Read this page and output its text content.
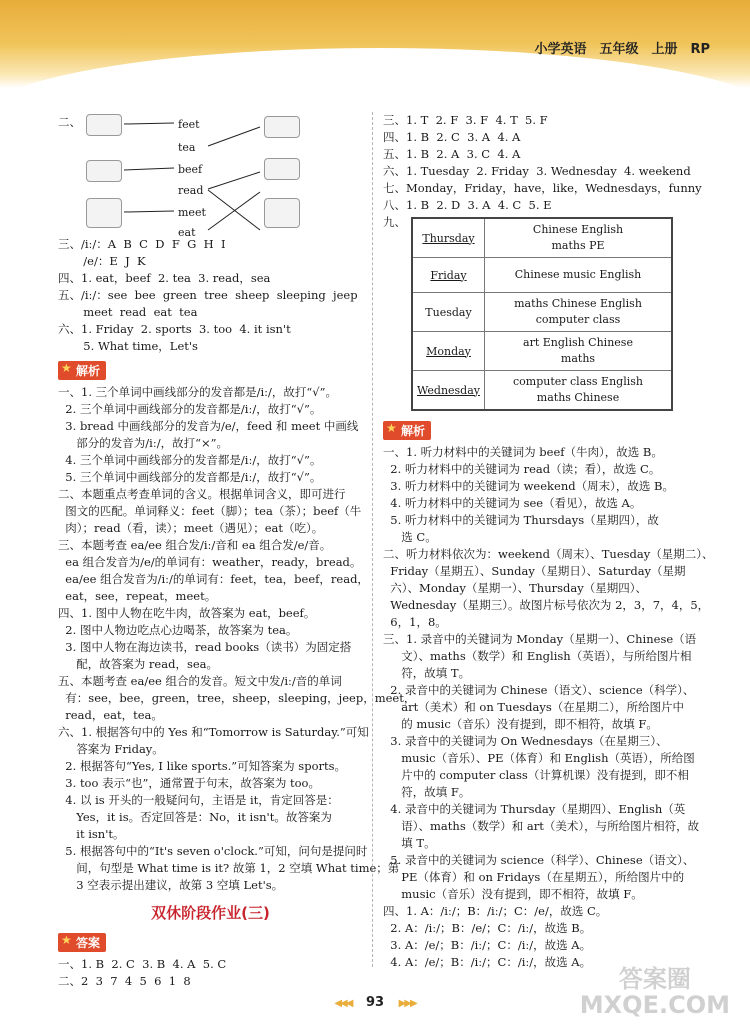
小学英语　五年级　上册　RP
二、	feet
tea
beef
read
meet
eat
三、/iː/：A  B  C  D  F  G  H  I
/e/：E  J  K
四、1. eat，beef  2. tea  3. read，sea
五、/iː/：see  bee  green  tree  sheep  sleeping  jeep
meet  read  eat  tea
六、1. Friday  2. sports  3. too  4. it isn't
5. What time，Let's
★ 解析
一、1. 三个单词中画线部分的发音都是/iː/，故打“√”。
2. 三个单词中画线部分的发音都是/iː/，故打“√”。
3. bread 中画线部分的发音为/e/，feed 和 meet 中画线
部分的发音为/iː/，故打“×”。
4. 三个单词中画线部分的发音都是/iː/，故打“√”。
5. 三个单词中画线部分的发音都是/iː/，故打“√”。
二、本题重点考查单词的含义。根据单词含义，即可进行
图文的匹配。单词释义：feet（脚）；tea（茶）；beef（牛
肉）；read（看，读）；meet（遇见）；eat（吃）。
三、本题考查 ea/ee 组合发/iː/音和 ea 组合发/e/音。
ea 组合发音为/e/的单词有：weather，ready，bread。
ea/ee 组合发音为/iː/的单词有：feet，tea，beef，read，
eat，see，repeat，meet。
四、1. 图中人物在吃牛肉，故答案为 eat，beef。
2. 图中人物边吃点心边喝茶，故答案为 tea。
3. 图中人物在海边读书，read books（读书）为固定搭
配，故答案为 read，sea。
五、本题考查 ea/ee 组合的发音。短文中发/iː/音的单词
有：see，bee，green，tree，sheep，sleeping，jeep，meet，
read，eat，tea。
六、1. 根据答句中的 Yes 和“Tomorrow is Saturday.”可知
答案为 Friday。
2. 根据答句“Yes, I like sports.”可知答案为 sports。
3. too 表示“也”，通常置于句末，故答案为 too。
4. 以 is 开头的一般疑问句，主语是 it，肯定回答是：
Yes，it is。否定回答是：No，it isn't。故答案为
it isn't。
5. 根据答句中的“It's seven o'clock.”可知，问句是提问时
间，句型是 What time is it? 故第 1，2 空填 What time；第
3 空表示提出建议，故第 3 空填 Let's。
双休阶段作业(三)
★ 答案
一、1. B  2. C  3. B  4. A  5. C
二、2  3  7  4  5  6  1  8
三、1. T  2. F  3. F  4. T  5. F
四、1. B  2. C  3. A  4. A
五、1. B  2. A  3. C  4. A
六、1. Tuesday  2. Friday  3. Wednesday  4. weekend
七、Monday，Friday，have，like，Wednesdays，funny
八、1. B  2. D  3. A  4. C  5. E
九、
Thursday
Chinese English
maths PE
Friday	Chinese music English
Tuesday
maths Chinese English
computer class
Monday
art English Chinese
maths
Wednesday
computer class English
maths Chinese
★ 解析
一、1. 听力材料中的关键词为 beef（牛肉），故选 B。
2. 听力材料中的关键词为 read（读；看），故选 C。
3. 听力材料中的关键词为 weekend（周末），故选 B。
4. 听力材料中的关键词为 see（看见），故选 A。
5. 听力材料中的关键词为 Thursdays（星期四），故
选 C。
二、听力材料依次为：weekend（周末）、Tuesday（星期二）、
Friday（星期五）、Sunday（星期日）、Saturday（星期
六）、Monday（星期一）、Thursday（星期四）、
Wednesday（星期三）。故图片标号依次为 2，3，7，4，5，
6，1，8。
三、1. 录音中的关键词为 Monday（星期一）、Chinese（语
文）、maths（数学）和 English（英语），与所给图片相
符，故填 T。
2. 录音中的关键词为 Chinese（语文）、science（科学）、
art（美术）和 on Tuesdays（在星期二），所给图片中
的 music（音乐）没有提到，即不相符，故填 F。
3. 录音中的关键词为 On Wednesdays（在星期三）、
music（音乐）、PE（体育）和 English（英语），所给图
片中的 computer class（计算机课）没有提到，即不相
符，故填 F。
4. 录音中的关键词为 Thursday（星期四）、English（英
语）、maths（数学）和 art（美术），与所给图片相符，故
填 T。
5. 录音中的关键词为 science（科学）、Chinese（语文）、
PE（体育）和 on Fridays（在星期五），所给图片中的
music（音乐）没有提到，即不相符，故填 F。
四、1. A：/iː/；B：/iː/；C：/e/，故选 C。
2. A：/iː/；B：/e/；C：/iː/，故选 B。
3. A：/e/；B：/iː/；C：/iː/，故选 A。
4. A：/e/；B：/iː/；C：/iː/，故选 A。
◀◀◀ 93 ▶▶▶
答案圈
MXQE.COM
